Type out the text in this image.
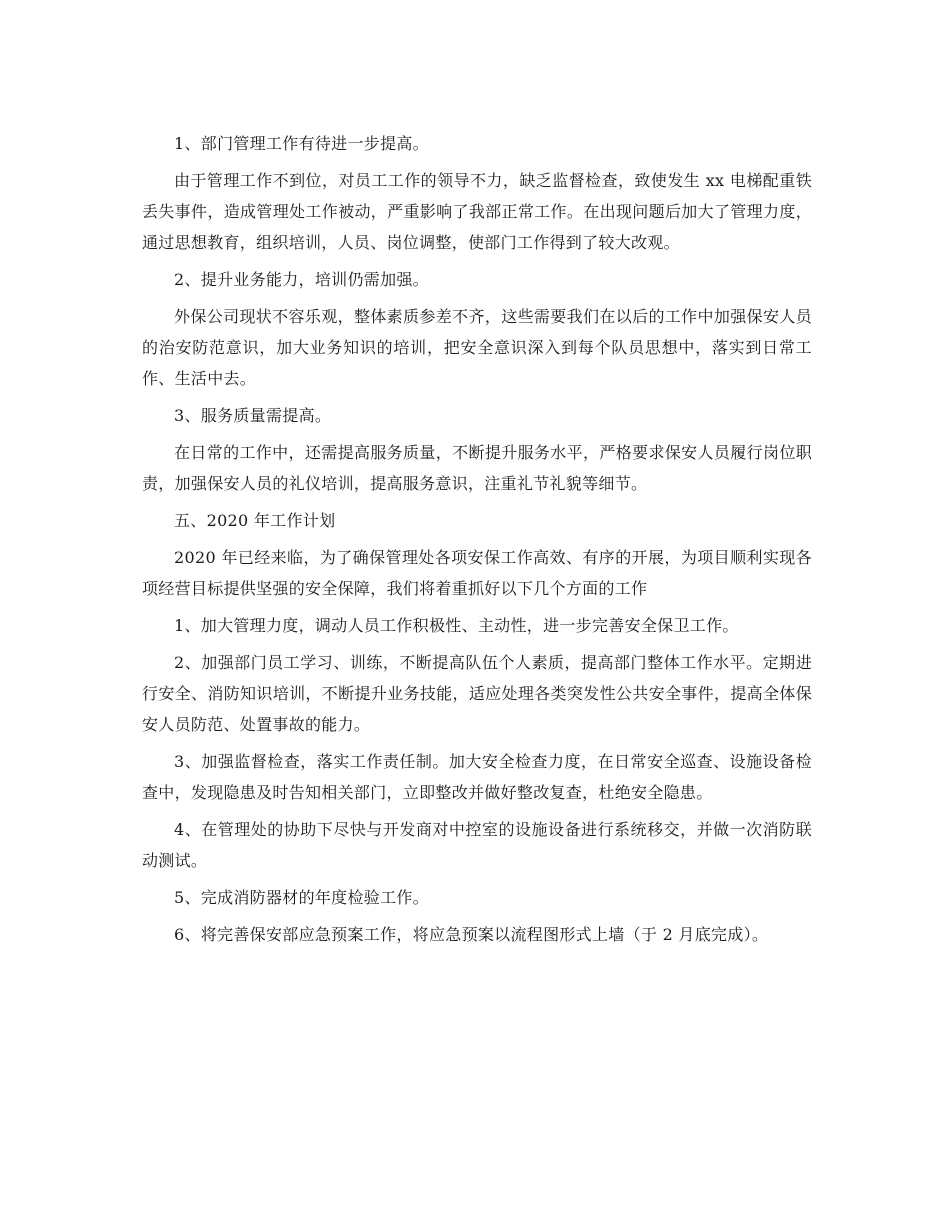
1、部门管理工作有待进一步提高。

由于管理工作不到位，对员工工作的领导不力，缺乏监督检查，致使发生 xx 电梯配重铁丢失事件，造成管理处工作被动，严重影响了我部正常工作。在出现问题后加大了管理力度，通过思想教育，组织培训，人员、岗位调整，使部门工作得到了较大改观。

2、提升业务能力，培训仍需加强。

外保公司现状不容乐观，整体素质参差不齐，这些需要我们在以后的工作中加强保安人员的治安防范意识，加大业务知识的培训，把安全意识深入到每个队员思想中，落实到日常工作、生活中去。

3、服务质量需提高。

在日常的工作中，还需提高服务质量，不断提升服务水平，严格要求保安人员履行岗位职责，加强保安人员的礼仪培训，提高服务意识，注重礼节礼貌等细节。

五、2020 年工作计划

2020 年已经来临，为了确保管理处各项安保工作高效、有序的开展，为项目顺利实现各项经营目标提供坚强的安全保障，我们将着重抓好以下几个方面的工作

1、加大管理力度，调动人员工作积极性、主动性，进一步完善安全保卫工作。

2、加强部门员工学习、训练，不断提高队伍个人素质，提高部门整体工作水平。定期进行安全、消防知识培训，不断提升业务技能，适应处理各类突发性公共安全事件，提高全体保安人员防范、处置事故的能力。

3、加强监督检查，落实工作责任制。加大安全检查力度，在日常安全巡查、设施设备检查中，发现隐患及时告知相关部门，立即整改并做好整改复查，杜绝安全隐患。

4、在管理处的协助下尽快与开发商对中控室的设施设备进行系统移交，并做一次消防联动测试。

5、完成消防器材的年度检验工作。

6、将完善保安部应急预案工作，将应急预案以流程图形式上墙（于 2 月底完成）。
